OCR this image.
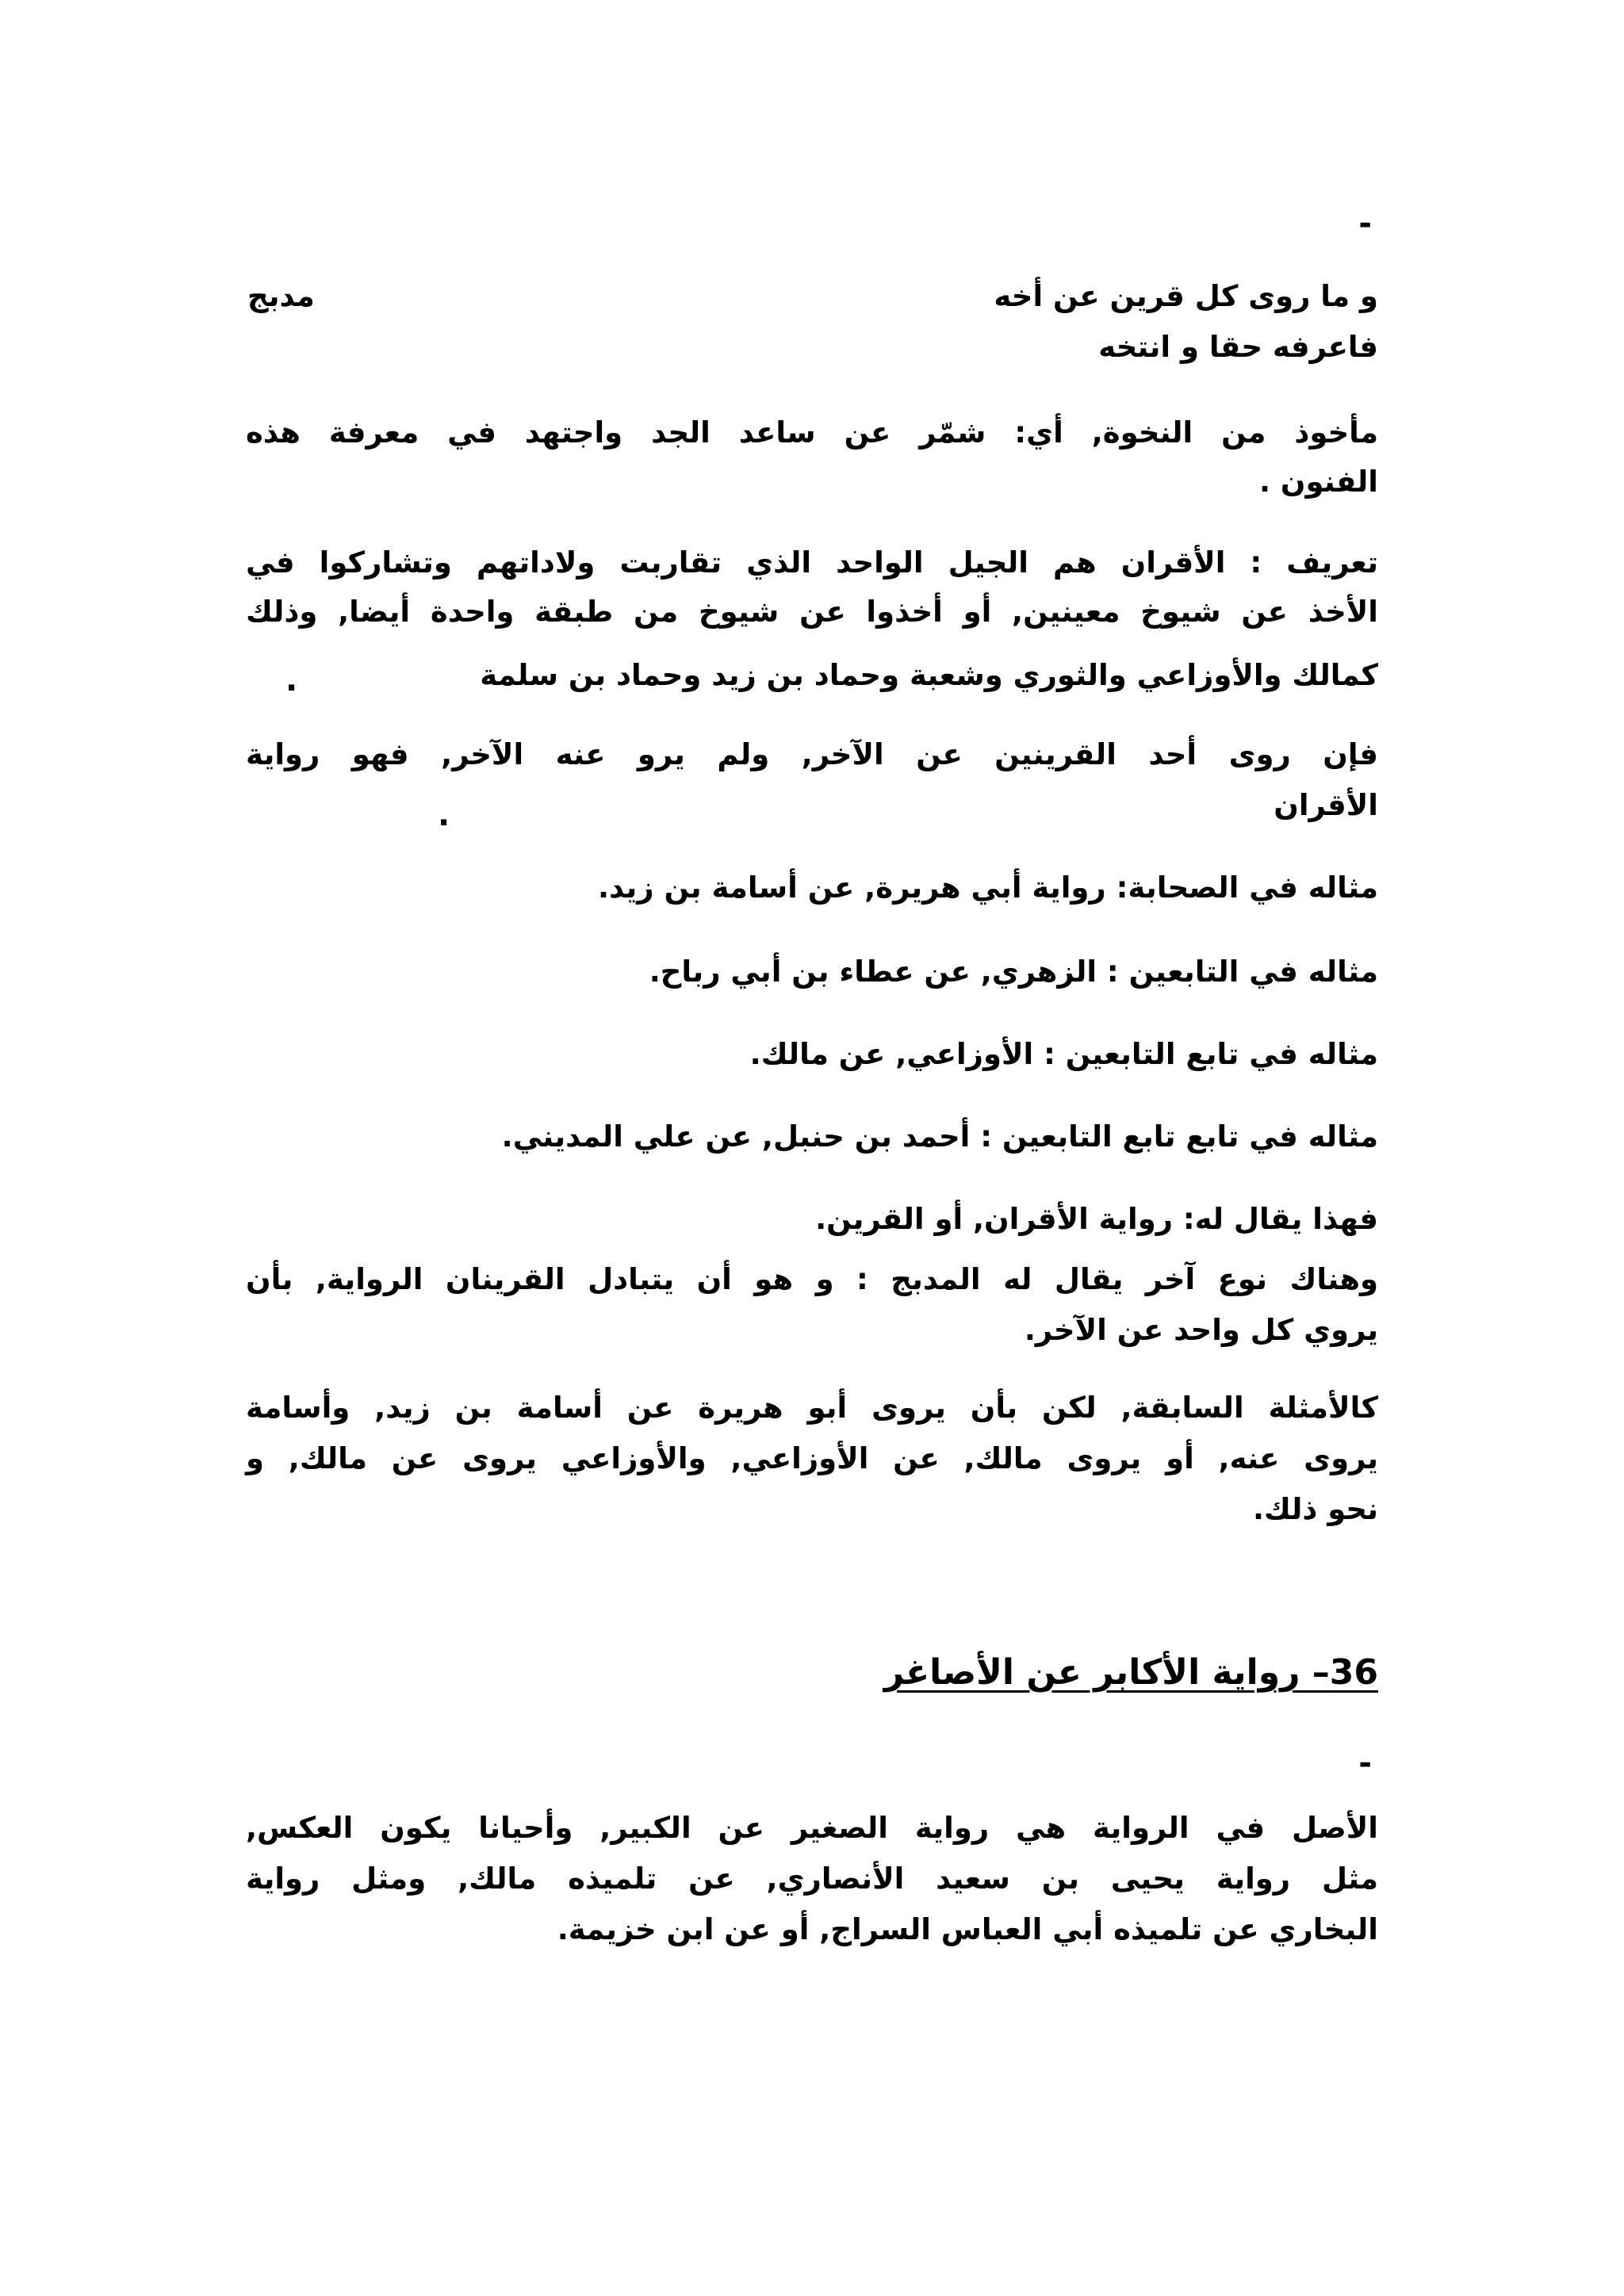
-
و ما روى كل قرين عن أخه
مدبج
فاعرفه حقا و انتخه
مأخوذ من النخوة, أي: شمّر عن ساعد الجد واجتهد في معرفة هذه
الفنون .
تعريف : الأقران هم الجيل الواحد الذي تقاربت ولاداتهم وتشاركوا في
الأخذ عن شيوخ معينين, أو أخذوا عن شيوخ من طبقة واحدة أيضا, وذلك
كمالك والأوزاعي والثوري وشعبة وحماد بن زيد وحماد بن سلمة
.
فإن روى أحد القرينين عن الآخر, ولم يرو عنه الآخر, فهو رواية
الأقران
.
مثاله في الصحابة: رواية أبي هريرة, عن أسامة بن زيد.
مثاله في التابعين : الزهري, عن عطاء بن أبي رباح.
مثاله في تابع التابعين : الأوزاعي, عن مالك.
مثاله في تابع تابع التابعين : أحمد بن حنبل, عن علي المديني.
فهذا يقال له: رواية الأقران, أو القرين.
وهناك نوع آخر يقال له المدبج : و هو أن يتبادل القرينان الرواية, بأن
يروي كل واحد عن الآخر.
كالأمثلة السابقة, لكن بأن يروى أبو هريرة عن أسامة بن زيد, وأسامة
يروى عنه, أو يروى مالك, عن الأوزاعي, والأوزاعي يروى عن مالك, و
نحو ذلك.
36– رواية الأكابر عن الأصاغر
-
الأصل في الرواية هي رواية الصغير عن الكبير, وأحيانا يكون العكس,
مثل رواية يحيى بن سعيد الأنصاري, عن تلميذه مالك, ومثل رواية
البخاري عن تلميذه أبي العباس السراج, أو عن ابن خزيمة.
